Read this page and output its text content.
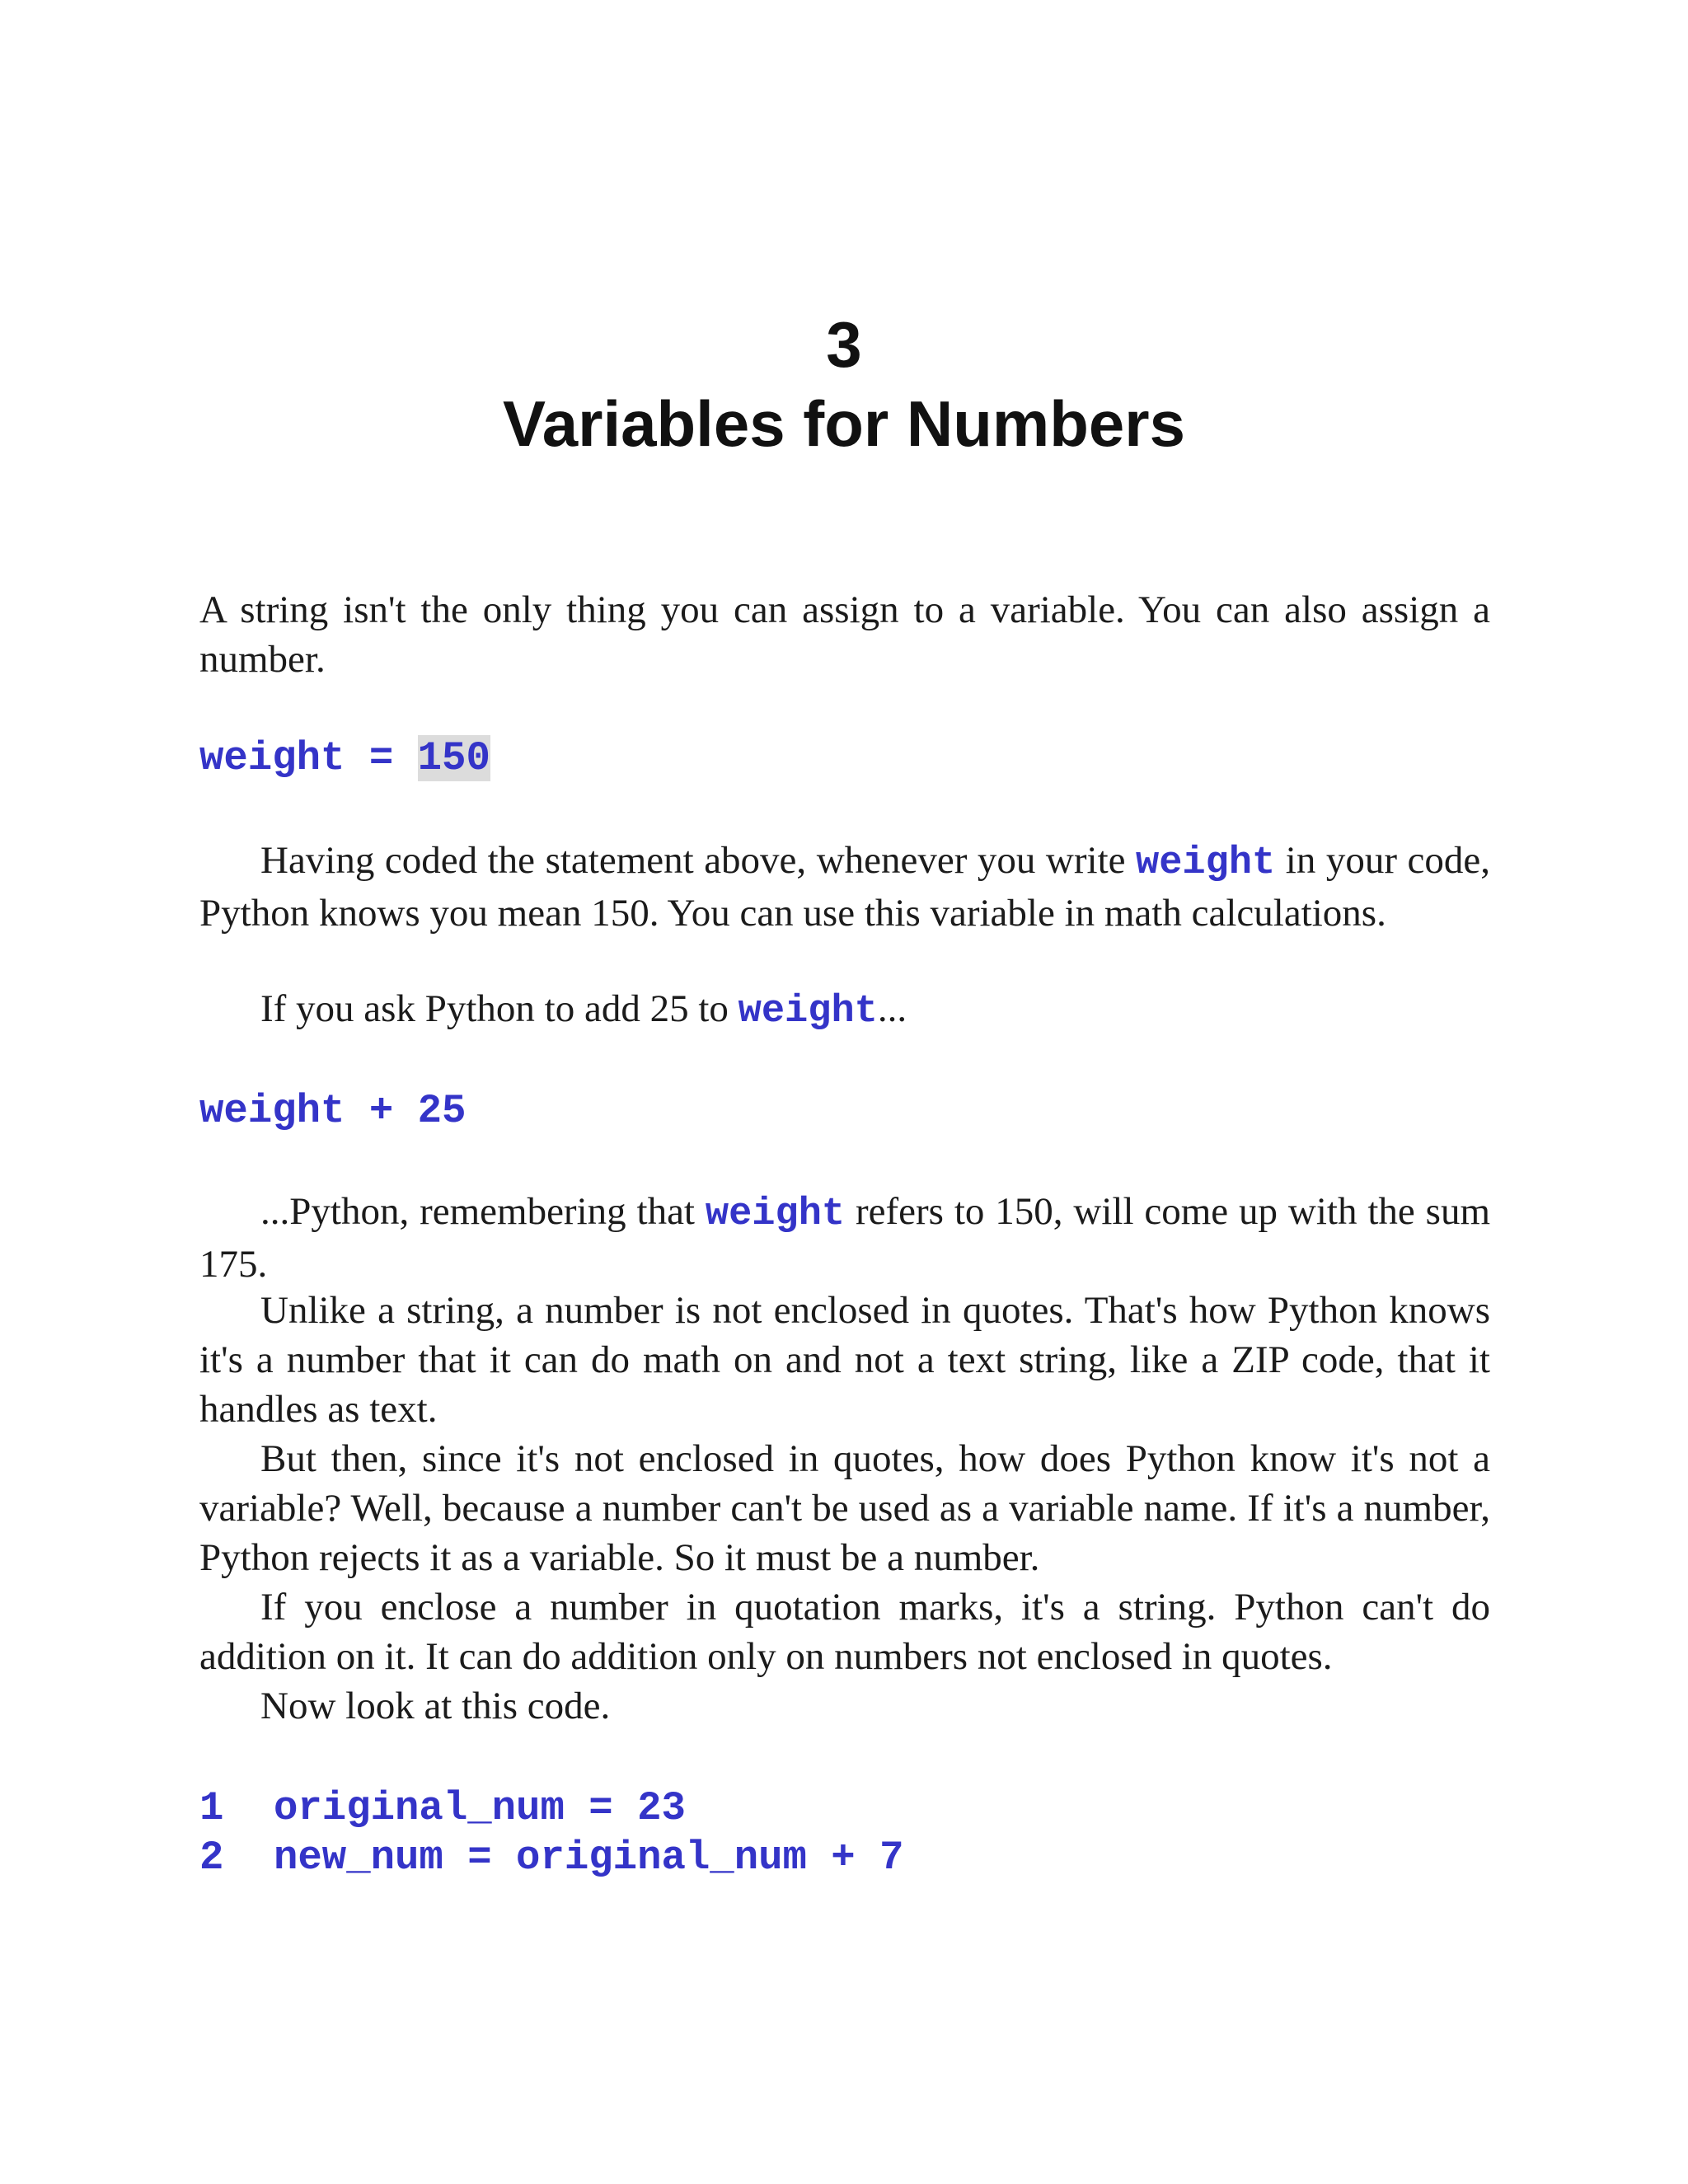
3
Variables for Numbers

A string isn't the only thing you can assign to a variable. You can also assign a number.

weight = 150

Having coded the statement above, whenever you write weight in your code, Python knows you mean 150. You can use this variable in math calculations.

If you ask Python to add 25 to weight...

weight + 25

...Python, remembering that weight refers to 150, will come up with the sum 175.

Unlike a string, a number is not enclosed in quotes. That's how Python knows it's a number that it can do math on and not a text string, like a ZIP code, that it handles as text.

But then, since it's not enclosed in quotes, how does Python know it's not a variable? Well, because a number can't be used as a variable name. If it's a number, Python rejects it as a variable. So it must be a number.

If you enclose a number in quotation marks, it's a string. Python can't do addition on it. It can do addition only on numbers not enclosed in quotes.

Now look at this code.

1 original_num = 23
2 new_num = original_num + 7
